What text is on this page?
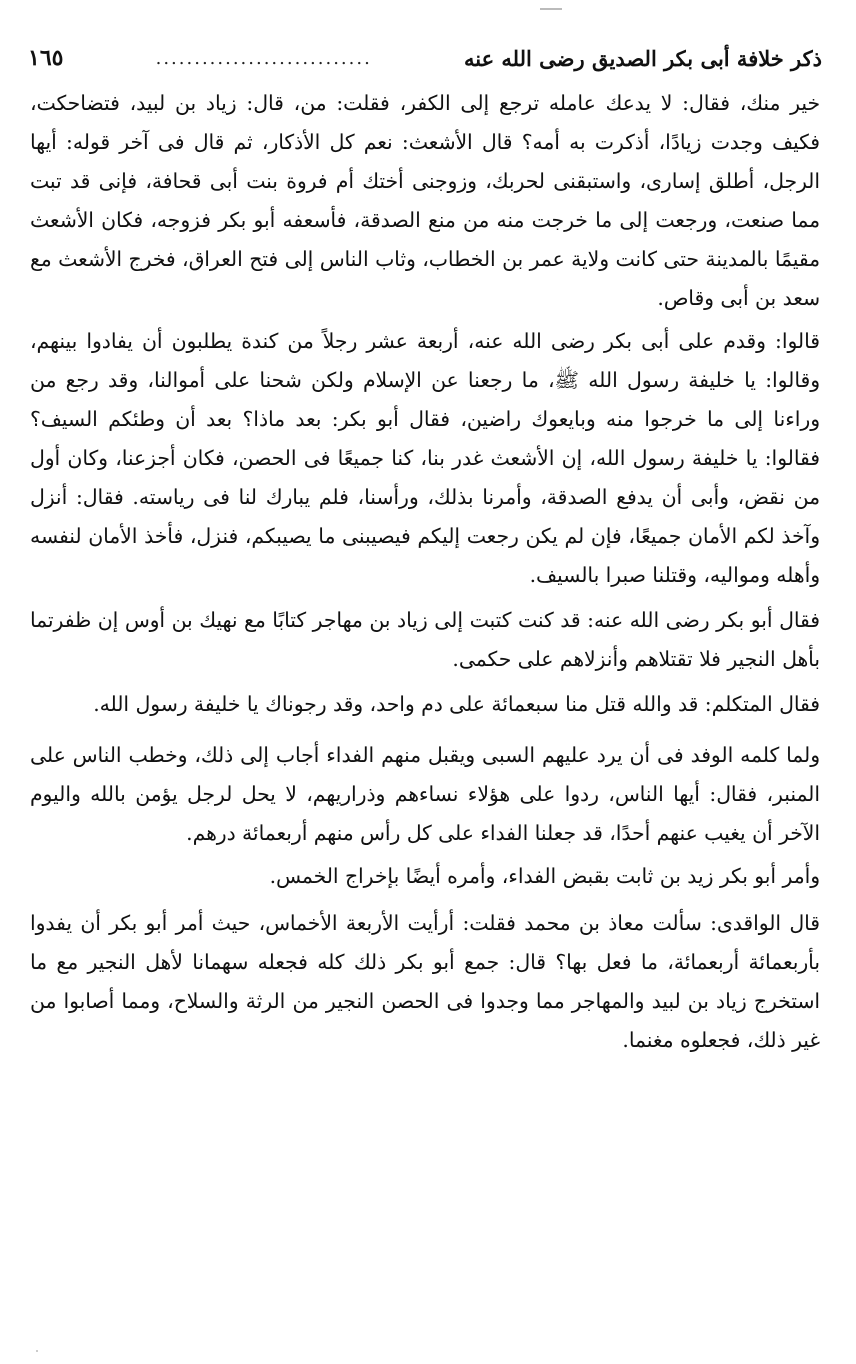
ذكر خلافة أبى بكر الصديق رضى الله عنه
............................
١٦٥

خير منك، فقال: لا يدعك عامله ترجع إلى الكفر، فقلت: من، قال: زياد بن لبيد، فتضاحكت، فكيف وجدت زيادًا، أذكرت به أمه؟ قال الأشعث: نعم كل الأذكار، ثم قال فى آخر قوله: أيها الرجل، أطلق إسارى، واستبقنى لحربك، وزوجنى أختك أم فروة بنت أبى قحافة، فإنى قد تبت مما صنعت، ورجعت إلى ما خرجت منه من منع الصدقة، فأسعفه أبو بكر فزوجه، فكان الأشعث مقيمًا بالمدينة حتى كانت ولاية عمر بن الخطاب، وثاب الناس إلى فتح العراق، فخرج الأشعث مع سعد بن أبى وقاص.

قالوا: وقدم على أبى بكر رضى الله عنه، أربعة عشر رجلاً من كندة يطلبون أن يفادوا بينهم، وقالوا: يا خليفة رسول الله ﷺ، ما رجعنا عن الإسلام ولكن شحنا على أموالنا، وقد رجع من وراءنا إلى ما خرجوا منه وبايعوك راضين، فقال أبو بكر: بعد ماذا؟ بعد أن وطئكم السيف؟ فقالوا: يا خليفة رسول الله، إن الأشعث غدر بنا، كنا جميعًا فى الحصن، فكان أجزعنا، وكان أول من نقض، وأبى أن يدفع الصدقة، وأمرنا بذلك، ورأسنا، فلم يبارك لنا فى رياسته. فقال: أنزل وآخذ لكم الأمان جميعًا، فإن لم يكن رجعت إليكم فيصيبنى ما يصيبكم، فنزل، فأخذ الأمان لنفسه وأهله ومواليه، وقتلنا صبرا بالسيف.

فقال أبو بكر رضى الله عنه: قد كنت كتبت إلى زياد بن مهاجر كتابًا مع نهيك بن أوس إن ظفرتما بأهل النجير فلا تقتلاهم وأنزلاهم على حكمى.

فقال المتكلم: قد والله قتل منا سبعمائة على دم واحد، وقد رجوناك يا خليفة رسول الله.

ولما كلمه الوفد فى أن يرد عليهم السبى ويقبل منهم الفداء أجاب إلى ذلك، وخطب الناس على المنبر، فقال: أيها الناس، ردوا على هؤلاء نساءهم وذراريهم، لا يحل لرجل يؤمن بالله واليوم الآخر أن يغيب عنهم أحدًا، قد جعلنا الفداء على كل رأس منهم أربعمائة درهم.

وأمر أبو بكر زيد بن ثابت بقبض الفداء، وأمره أيضًا بإخراج الخمس.

قال الواقدى: سألت معاذ بن محمد فقلت: أرأيت الأربعة الأخماس، حيث أمر أبو بكر أن يفدوا بأربعمائة أربعمائة، ما فعل بها؟ قال: جمع أبو بكر ذلك كله فجعله سهمانا لأهل النجير مع ما استخرج زياد بن لبيد والمهاجر مما وجدوا فى الحصن النجير من الرثة والسلاح، ومما أصابوا من غير ذلك، فجعلوه مغنما.
